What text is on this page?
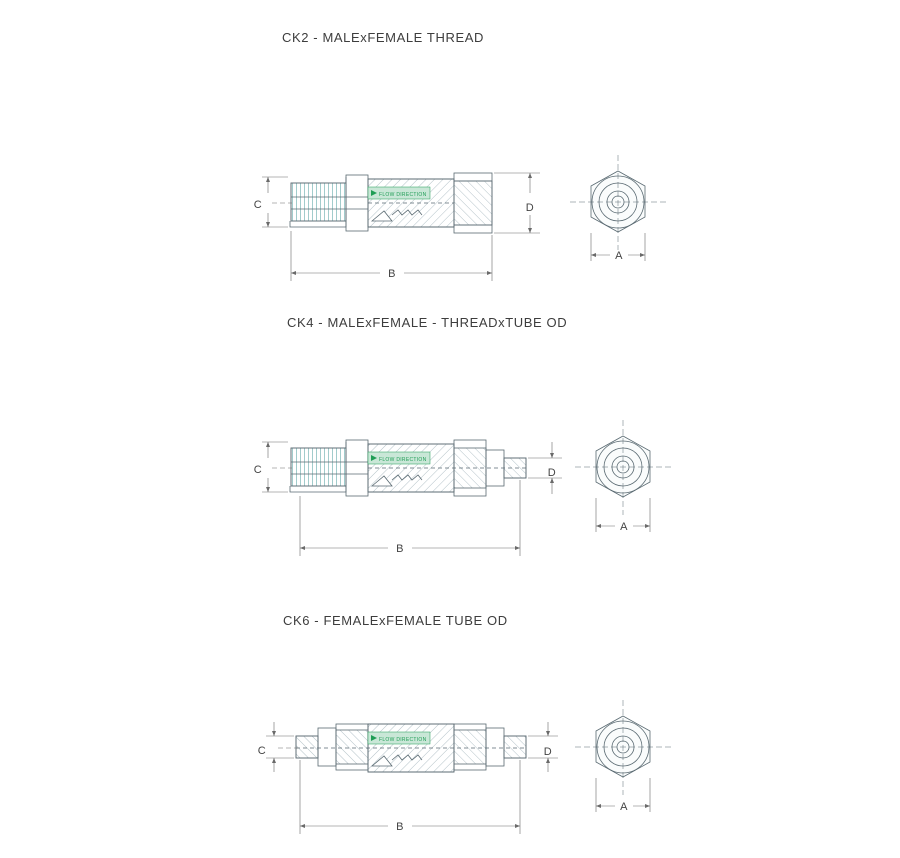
CK2 - MALExFEMALE THREAD
FLOW DIRECTION
C	D
B
A
CK4 - MALExFEMALE - THREADxTUBE OD
FLOW DIRECTION
C	D
B
A
CK6 - FEMALExFEMALE TUBE OD
FLOW DIRECTION
C	D
B
A
